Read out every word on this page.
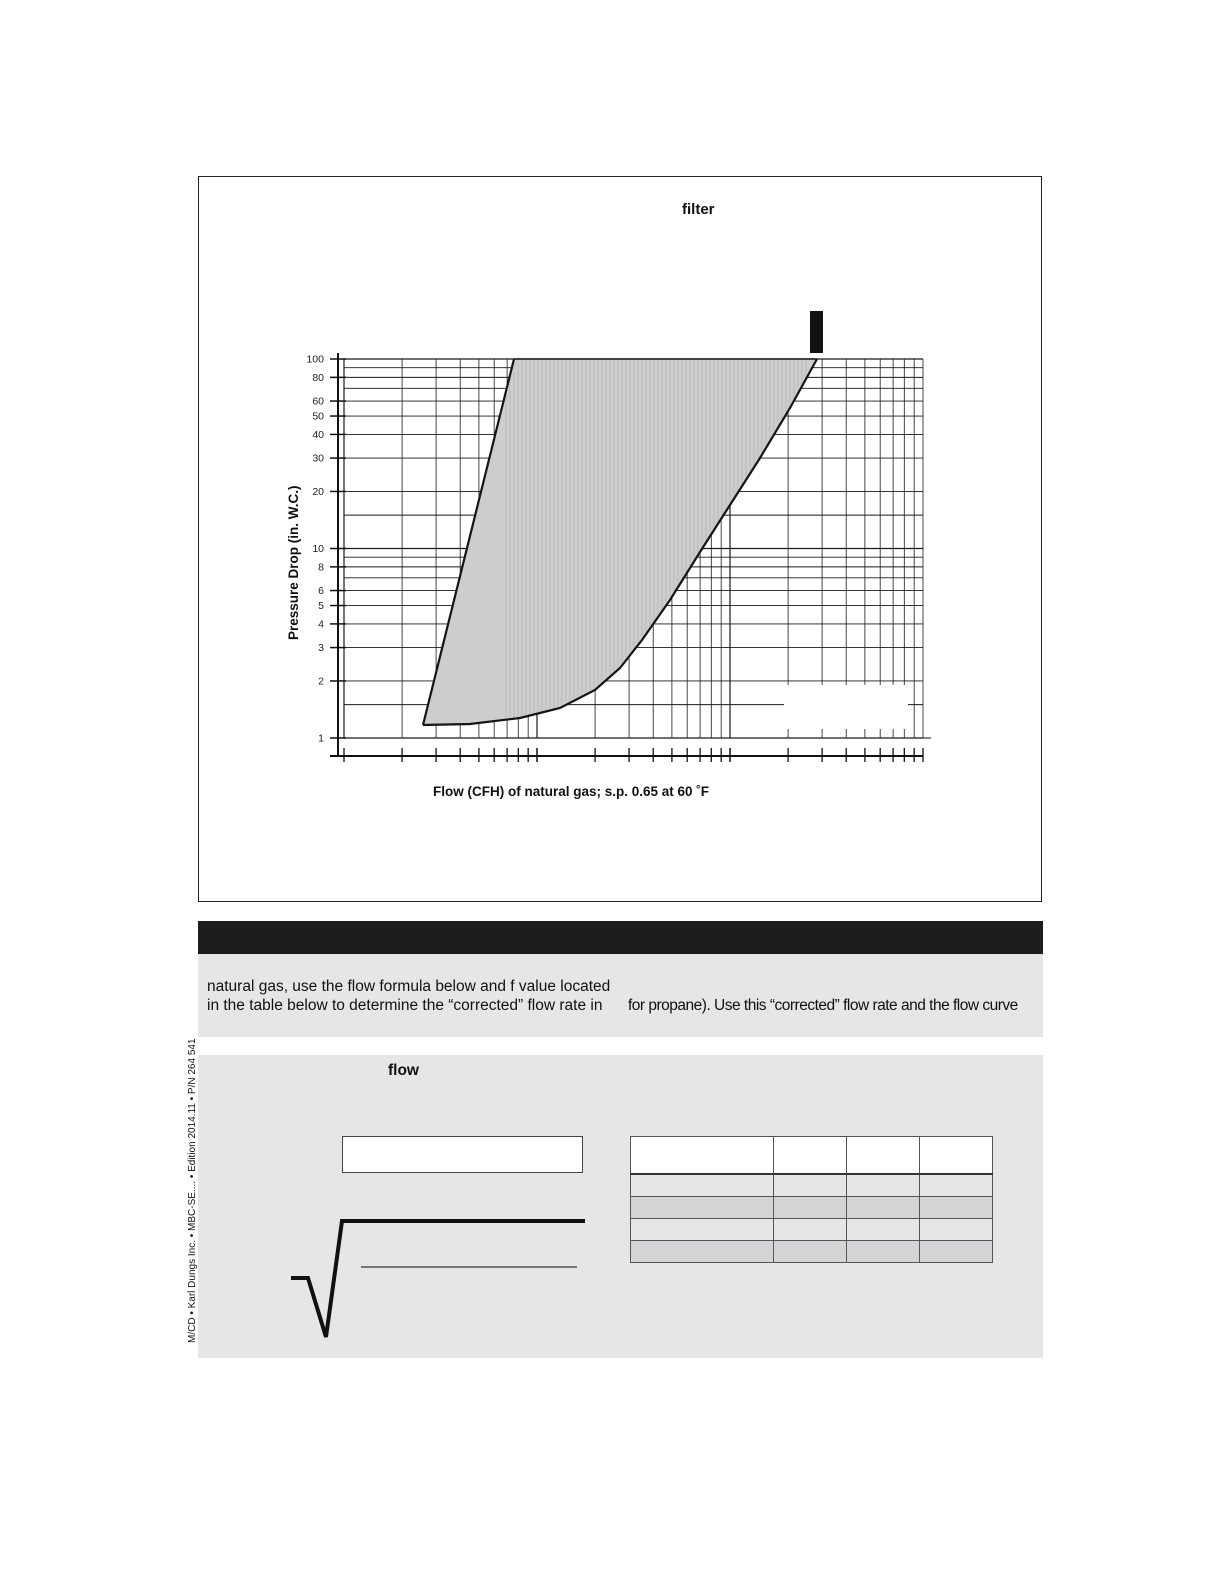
filter
1
2
3
4
5
6
8
10
20
30
40
50
60
80
100
Pressure Drop (in. W.C.)
Flow (CFH) of natural gas; s.p. 0.65 at 60 ˚F
natural gas, use the flow formula below and f value located
in the table below to determine the “corrected” flow rate in for propane). Use this “corrected” flow rate and the flow curve
flow

M/CD • Karl Dungs Inc. • MBC-SE.... • Edition 2014.11 • P/N 264 541
